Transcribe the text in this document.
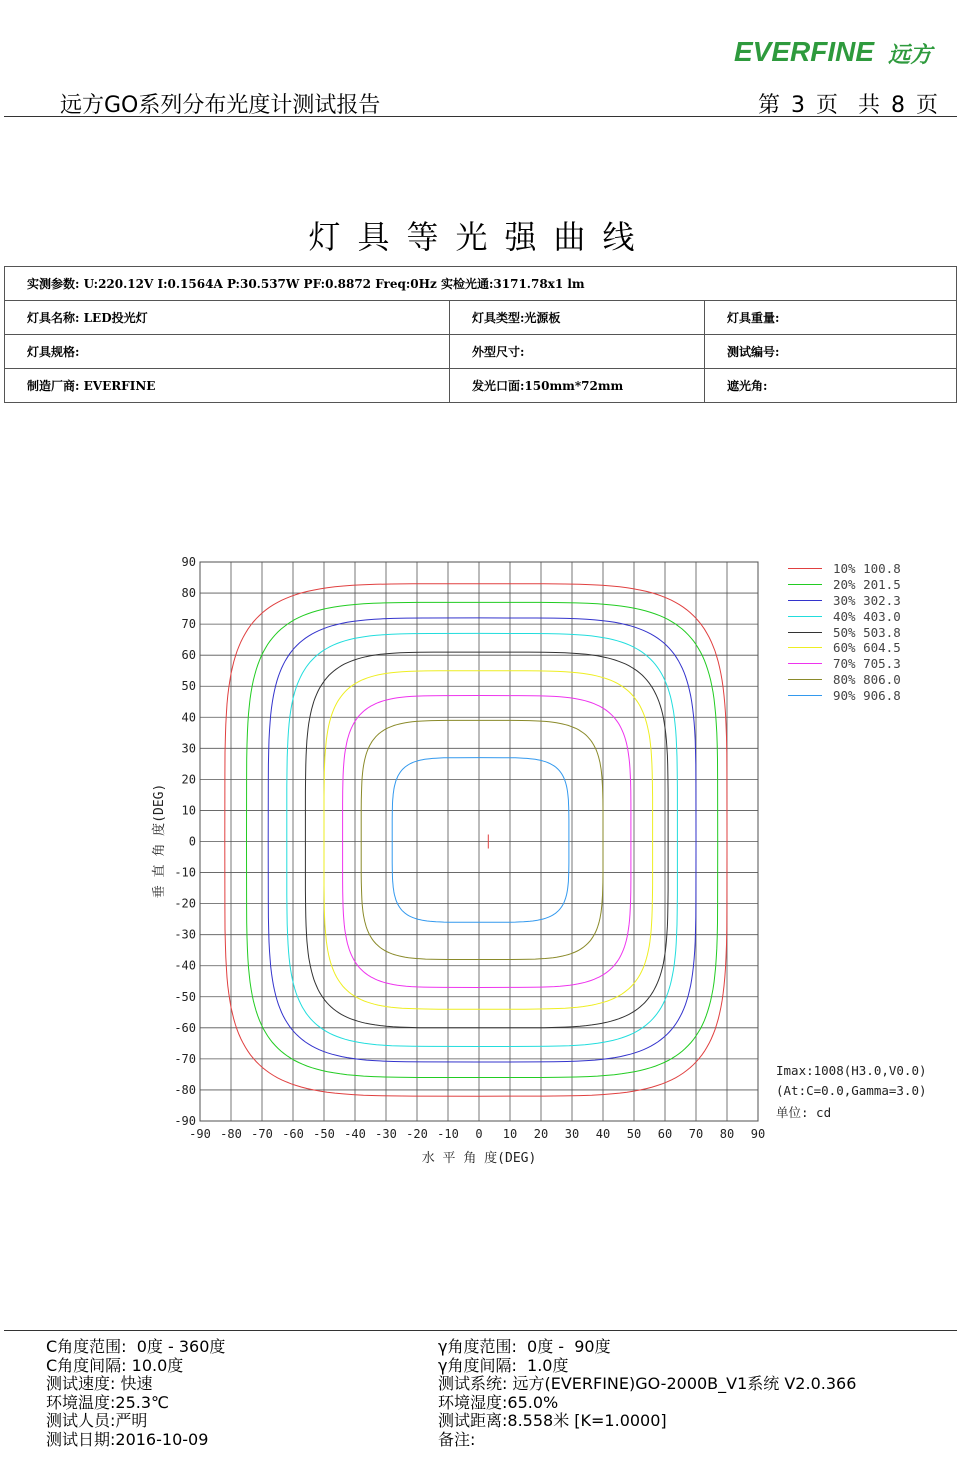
EVERFINE 远方
远方GO系列分布光度计测试报告	第 3 页  共 8 页
灯具等光强曲线
实测参数: U:220.12V I:0.1564A P:30.537W PF:0.8872 Freq:0Hz 实检光通:3171.78x1 lm		
灯具名称: LED投光灯	灯具类型:光源板	灯具重量:
灯具规格:	外型尺寸:	测试编号:
制造厂商: EVERFINE	发光口面:150mm*72mm	遮光角:
-90 -80 -70 -60 -50 -40 -30 -20 -10 0 10 20 30 40 50 60 70 80 90
90
80
70
60
50
40
30
20
10
0
-10
-20
-30
-40
-50
-60
-70
-80
-90
水 平 角 度(DEG)
垂 直 角 度(DEG)
10% 100.8
20% 201.5
30% 302.3
40% 403.0
50% 503.8
60% 604.5
70% 705.3
80% 806.0
90% 906.8
Imax:1008(H3.0,V0.0)
(At:C=0.0,Gamma=3.0)
单位: cd
C角度范围:  0度 - 360度
C角度间隔: 10.0度
测试速度: 快速
环境温度:25.3℃
测试人员:严明
测试日期:2016-10-09
γ角度范围:  0度 -  90度
γ角度间隔:  1.0度
测试系统: 远方(EVERFINE)GO-2000B_V1系统 V2.0.366
环境湿度:65.0%
测试距离:8.558米 [K=1.0000]
备注:
